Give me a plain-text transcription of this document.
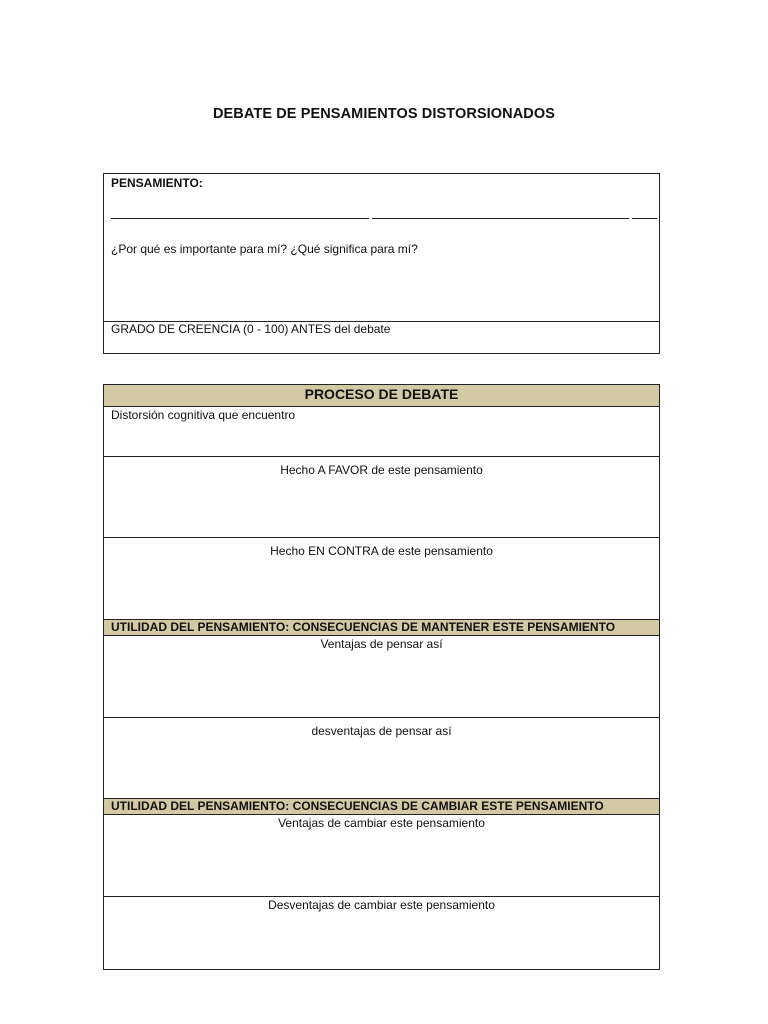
DEBATE DE PENSAMIENTOS DISTORSIONADOS
PENSAMIENTO:
¿Por qué es importante para mí? ¿Qué significa para mí?
GRADO DE CREENCIA (0 - 100) ANTES del debate
PROCESO DE DEBATE
Distorsión cognitiva que encuentro
Hecho A FAVOR de este pensamiento
Hecho EN CONTRA de este pensamiento
UTILIDAD DEL PENSAMIENTO: CONSECUENCIAS DE MANTENER ESTE PENSAMIENTO
Ventajas de pensar así
desventajas de pensar así
UTILIDAD DEL PENSAMIENTO: CONSECUENCIAS DE CAMBIAR ESTE PENSAMIENTO
Ventajas de cambiar este pensamiento
Desventajas de cambiar este pensamiento
